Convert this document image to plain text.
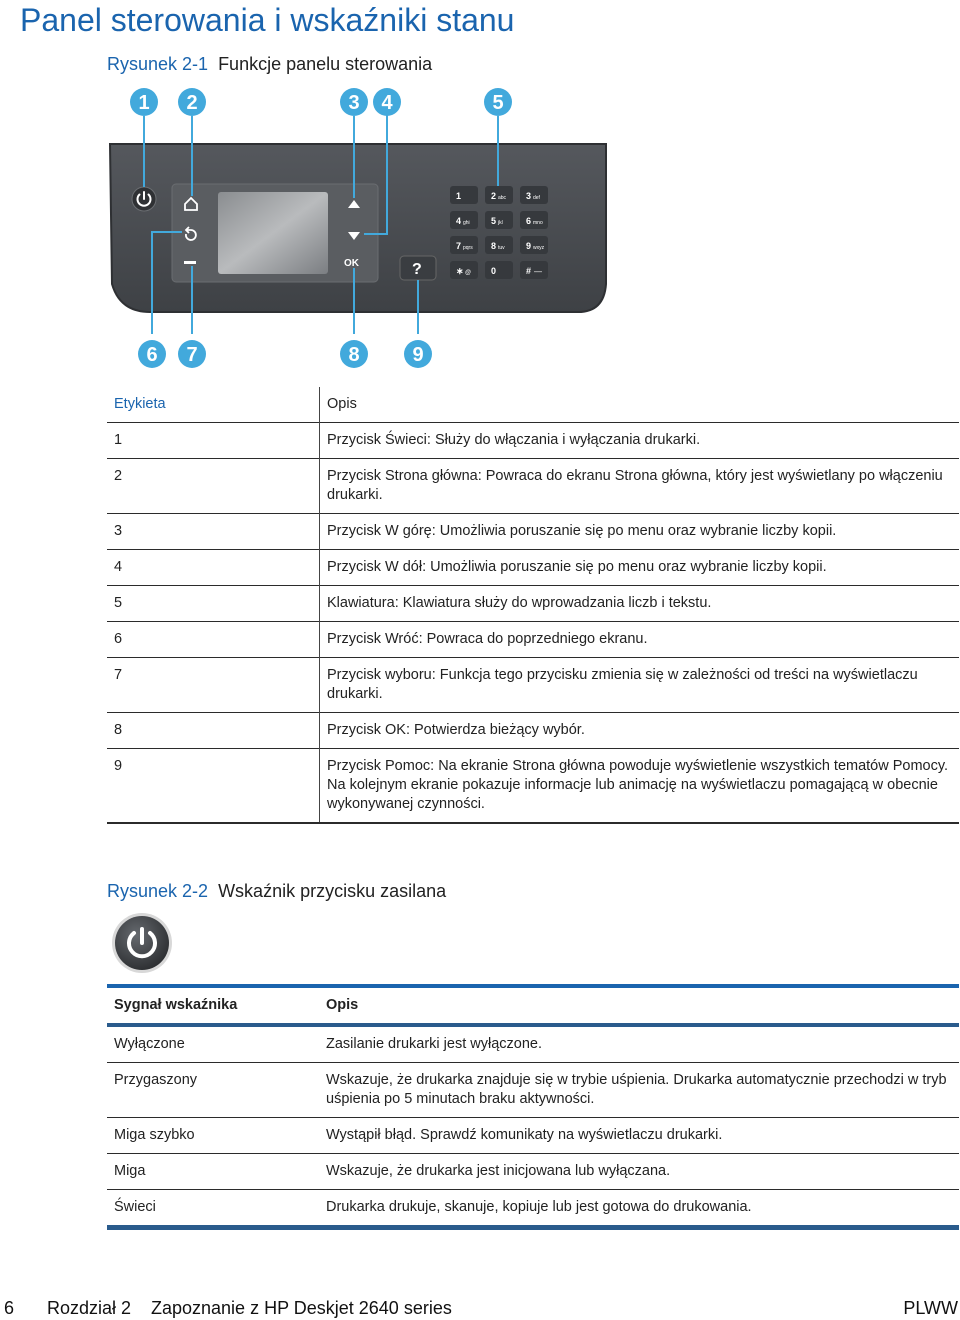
Panel sterowania i wskaźniki stanu
Rysunek 2-1 Funkcje panelu sterowania
OK	?
1	2 abc 3 def
4 ghi 5 jkl	6 mno
7 pqrs 8 tuv 9 wxyz
∗ @ 0	# —
1 2	3 4	5
6 7	8	9
Etykieta	Opis
1	Przycisk Świeci: Służy do włączania i wyłączania drukarki.
2	Przycisk Strona główna: Powraca do ekranu Strona główna, który jest wyświetlany po włączeniu drukarki.
3	Przycisk W górę: Umożliwia poruszanie się po menu oraz wybranie liczby kopii.
4	Przycisk W dół: Umożliwia poruszanie się po menu oraz wybranie liczby kopii.
5	Klawiatura: Klawiatura służy do wprowadzania liczb i tekstu.
6	Przycisk Wróć: Powraca do poprzedniego ekranu.
7	Przycisk wyboru: Funkcja tego przycisku zmienia się w zależności od treści na wyświetlaczu drukarki.
8	Przycisk OK: Potwierdza bieżący wybór.
9	Przycisk Pomoc: Na ekranie Strona główna powoduje wyświetlenie wszystkich tematów Pomocy. Na kolejnym ekranie pokazuje informacje lub animację na wyświetlaczu pomagającą w obecnie wykonywanej czynności.
Rysunek 2-2 Wskaźnik przycisku zasilana
Sygnał wskaźnika	Opis
Wyłączone	Zasilanie drukarki jest wyłączone.
Przygaszony	Wskazuje, że drukarka znajduje się w trybie uśpienia. Drukarka automatycznie przechodzi w tryb uśpienia po 5 minutach braku aktywności.
Miga szybko	Wystąpił błąd. Sprawdź komunikaty na wyświetlaczu drukarki.
Miga	Wskazuje, że drukarka jest inicjowana lub wyłączana.
Świeci	Drukarka drukuje, skanuje, kopiuje lub jest gotowa do drukowania.
6 Rozdział 2 Zapoznanie z HP Deskjet 2640 series	PLWW
